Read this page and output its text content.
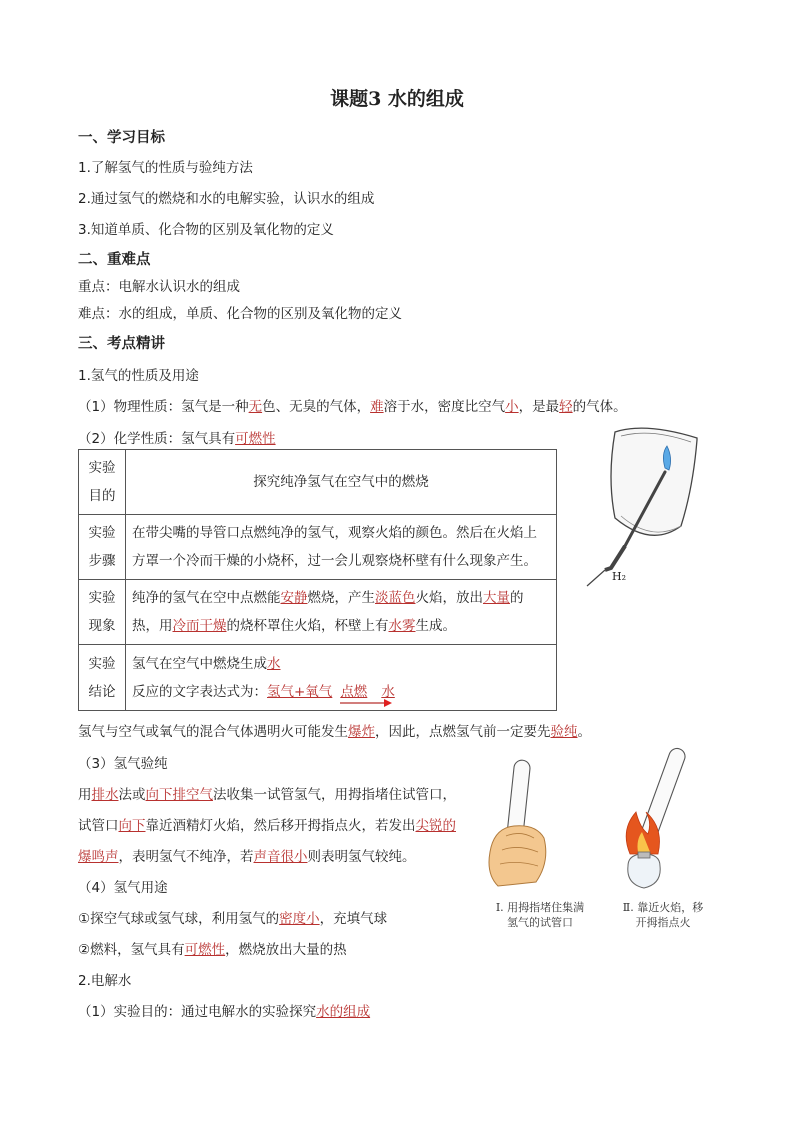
课题3 水的组成
一、学习目标
1.了解氢气的性质与验纯方法
2.通过氢气的燃烧和水的电解实验，认识水的组成
3.知道单质、化合物的区别及氧化物的定义
二、重难点
重点：电解水认识水的组成
难点：水的组成，单质、化合物的区别及氧化物的定义
三、考点精讲
1.氢气的性质及用途
（1）物理性质：氢气是一种无色、无臭的气体，难溶于水，密度比空气小，是最轻的气体。
（2）化学性质：氢气具有可燃性
实验目的	探究纯净氢气在空气中的燃烧
实验步骤	在带尖嘴的导管口点燃纯净的氢气，观察火焰的颜色。然后在火焰上方罩一个冷而干燥的小烧杯，过一会儿观察烧杯壁有什么现象产生。
实验现象	纯净的氢气在空中点燃能安静燃烧，产生淡蓝色火焰，放出大量的热，用冷而干燥的烧杯罩住火焰，杯壁上有水雾生成。
实验结论	氢气在空气中燃烧生成水
反应的文字表达式为：氢气+氧气 点燃 水
H₂
氢气与空气或氧气的混合气体遇明火可能发生爆炸，因此，点燃氢气前一定要先验纯。
（3）氢气验纯
用排水法或向下排空气法收集一试管氢气，用拇指堵住试管口，
试管口向下靠近酒精灯火焰，然后移开拇指点火，若发出尖锐的
爆鸣声，表明氢气不纯净，若声音很小则表明氢气较纯。
（4）氢气用途
①探空气球或氢气球，利用氢气的密度小，充填气球
②燃料，氢气具有可燃性，燃烧放出大量的热
2.电解水
（1）实验目的：通过电解水的实验探究水的组成
Ⅰ. 用拇指堵住集满
氢气的试管口
Ⅱ. 靠近火焰，移
开拇指点火
